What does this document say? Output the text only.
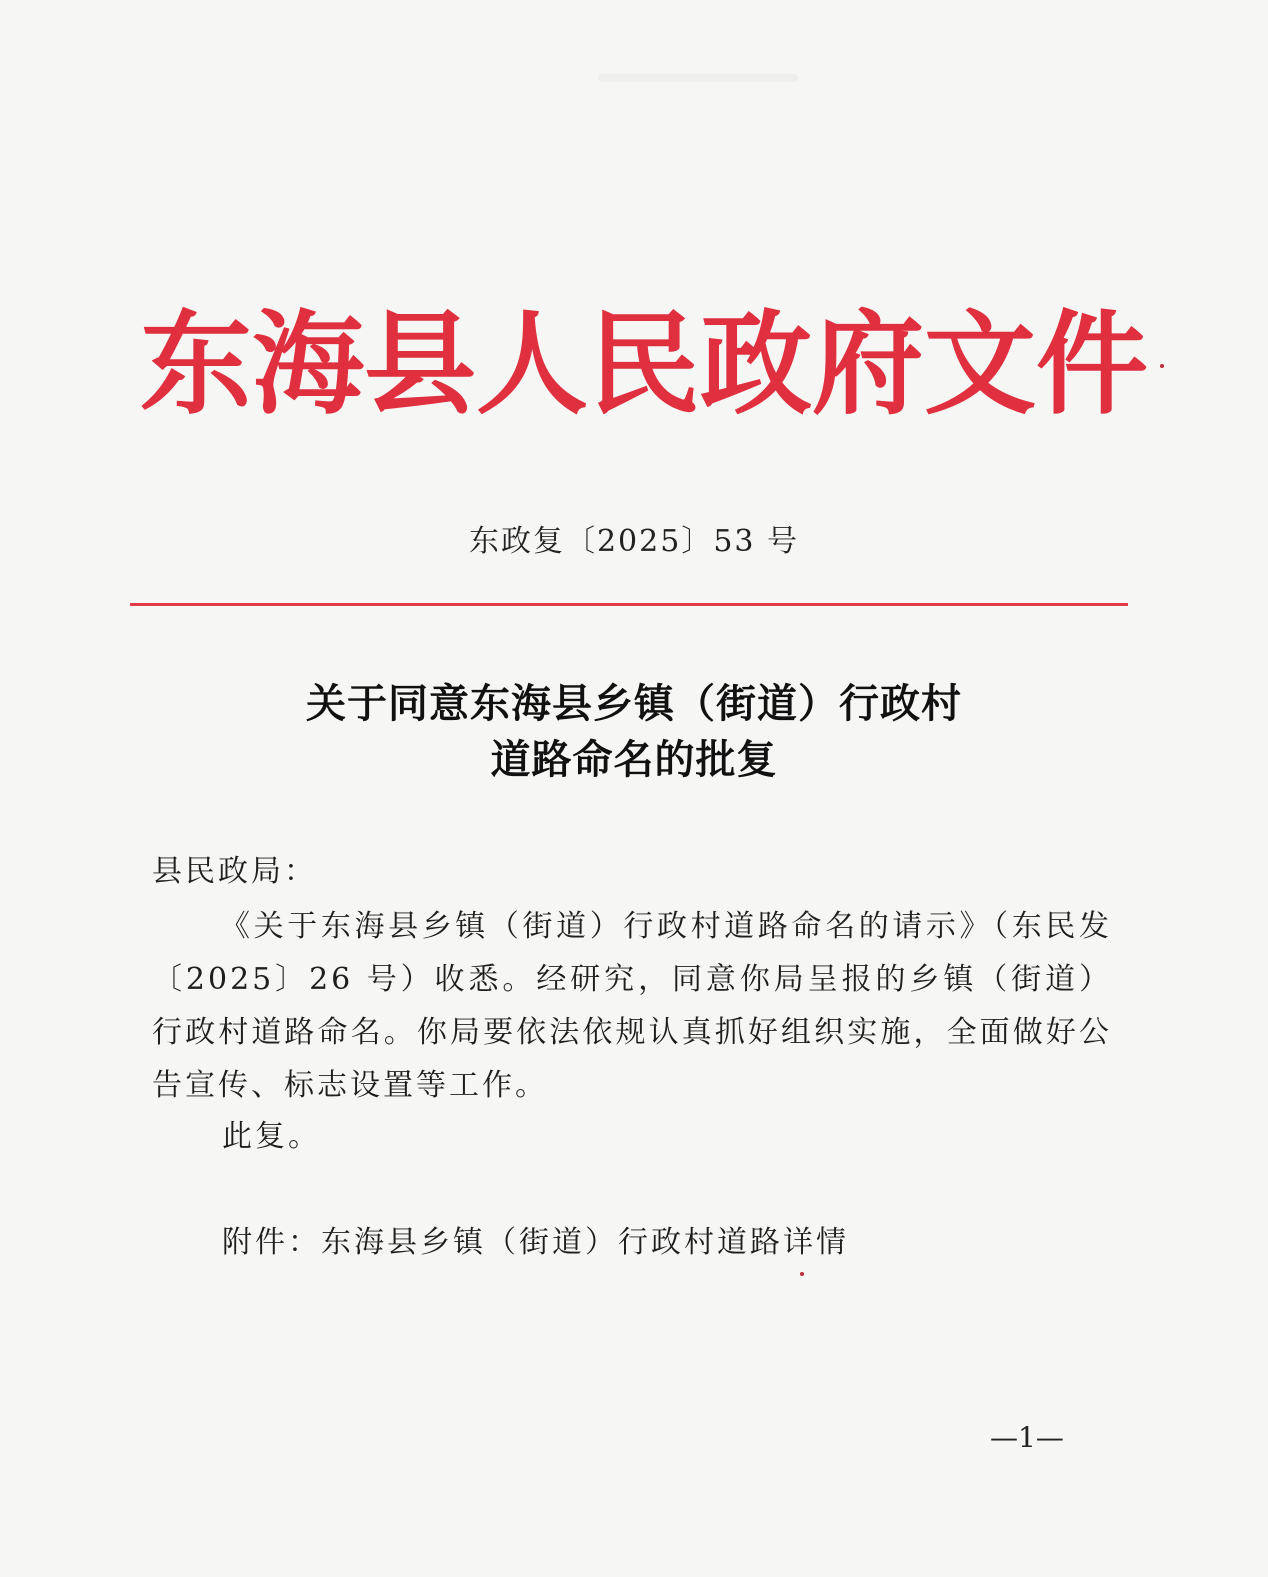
东海县人民政府文件
东政复〔2025〕53 号
关于同意东海县乡镇（街道）行政村
道路命名的批复
县民政局：
《关于东海县乡镇（街道）行政村道路命名的请示》（东民发〔2025〕26 号）收悉。经研究，同意你局呈报的乡镇（街道）行政村道路命名。你局要依法依规认真抓好组织实施，全面做好公告宣传、标志设置等工作。
此复。
附件：东海县乡镇（街道）行政村道路详情
—1—
